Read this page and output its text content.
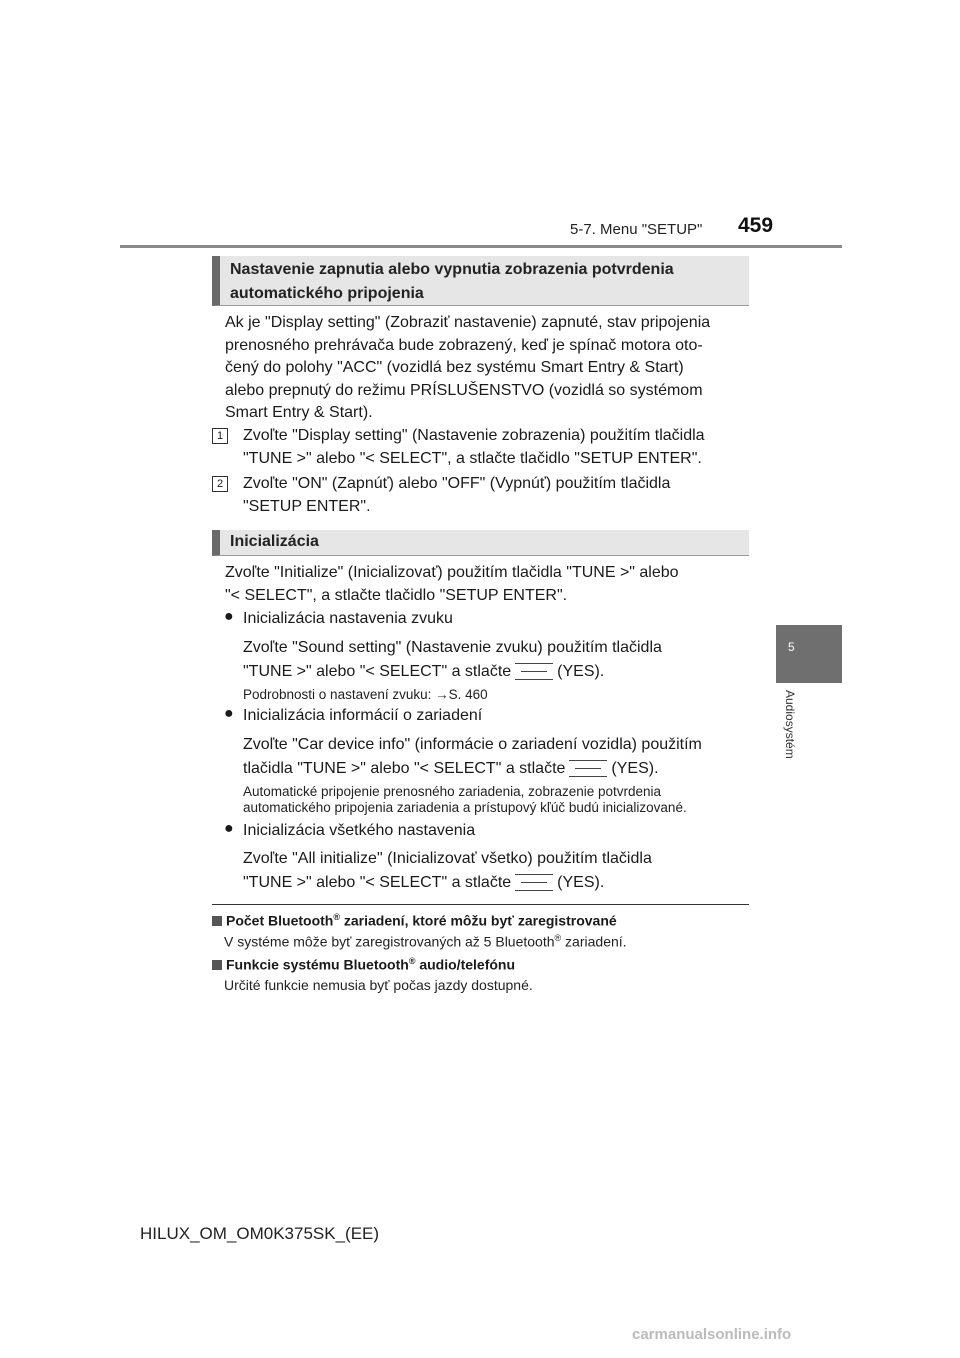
5-7. Menu "SETUP" 459
5
Audiosystém
Nastavenie zapnutia alebo vypnutia zobrazenia potvrdenia
automatického pripojenia
Ak je "Display setting" (Zobraziť nastavenie) zapnuté, stav pripojenia
prenosného prehrávača bude zobrazený, keď je spínač motora oto-
čený do polohy "ACC" (vozidlá bez systému Smart Entry & Start)
alebo prepnutý do režimu PRÍSLUŠENSTVO (vozidlá so systémom
Smart Entry & Start).
1	Zvoľte "Display setting" (Nastavenie zobrazenia) použitím tlačidla
"TUNE >" alebo "< SELECT", a stlačte tlačidlo "SETUP ENTER".
2	Zvoľte "ON" (Zapnúť) alebo "OFF" (Vypnúť) použitím tlačidla
"SETUP ENTER".
Inicializácia
Zvoľte "Initialize" (Inicializovať) použitím tlačidla "TUNE >" alebo
"< SELECT", a stlačte tlačidlo "SETUP ENTER".
● Inicializácia nastavenia zvuku
Zvoľte "Sound setting" (Nastavenie zvuku) použitím tlačidla
"TUNE >" alebo "< SELECT" a stlačte	(YES).
Podrobnosti o nastavení zvuku: →S. 460
● Inicializácia informácií o zariadení
Zvoľte "Car device info" (informácie o zariadení vozidla) použitím
tlačidla "TUNE >" alebo "< SELECT" a stlačte	(YES).
Automatické pripojenie prenosného zariadenia, zobrazenie potvrdenia
automatického pripojenia zariadenia a prístupový kľúč budú inicializované.
● Inicializácia všetkého nastavenia
Zvoľte "All initialize" (Inicializovať všetko) použitím tlačidla
"TUNE >" alebo "< SELECT" a stlačte	(YES).
Počet Bluetooth® zariadení, ktoré môžu byť zaregistrované
V systéme môže byť zaregistrovaných až 5 Bluetooth® zariadení.
Funkcie systému Bluetooth® audio/telefónu
Určité funkcie nemusia byť počas jazdy dostupné.
HILUX_OM_OM0K375SK_(EE)
carmanualsonline.info
